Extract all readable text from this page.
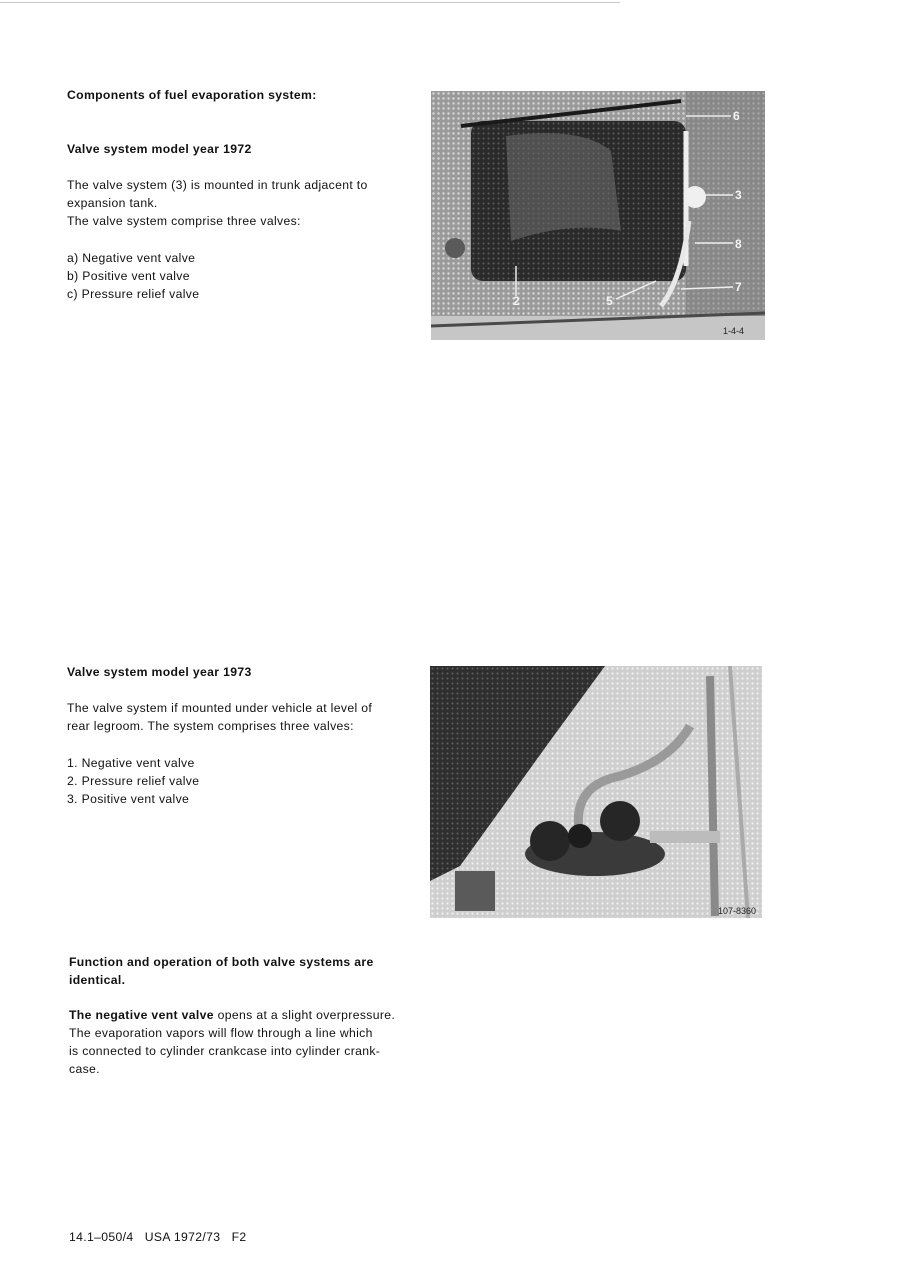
Components of fuel evaporation system:
Valve system model year 1972
The valve system (3) is mounted in trunk adjacent to
expansion tank.
The valve system comprise three valves:
a) Negative vent valve
b) Positive vent valve
c) Pressure relief valve
6
3
8
7
2	5
1-4-4
Valve system model year 1973
The valve system if mounted under vehicle at level of
rear legroom. The system comprises three valves:
1. Negative vent valve
2. Pressure relief valve
3. Positive vent valve
107-8360
Function and operation of both valve systems are
identical.
The negative vent valve opens at a slight overpressure.
The evaporation vapors will flow through a line which
is connected to cylinder crankcase into cylinder crank-
case.
14.1–050/4   USA 1972/73   F2
